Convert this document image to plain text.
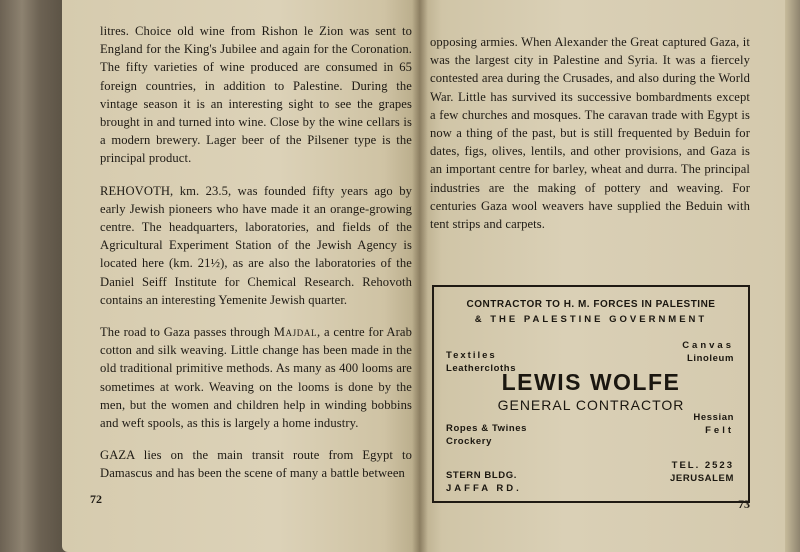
litres. Choice old wine from Rishon le Zion was sent to England for the King's Jubilee and again for the Coronation. The fifty varieties of wine produced are consumed in 65 foreign countries, in addition to Palestine. During the vintage season it is an interesting sight to see the grapes brought in and turned into wine. Close by the wine cellars is a modern brewery. Lager beer of the Pilsener type is the principal product.

REHOVOTH, km. 23.5, was founded fifty years ago by early Jewish pioneers who have made it an orange-growing centre. The headquarters, laboratories, and fields of the Agricultural Experiment Station of the Jewish Agency is located here (km. 21½), as are also the laboratories of the Daniel Seiff Institute for Chemical Research. Rehovoth contains an interesting Yemenite Jewish quarter.

The road to Gaza passes through Majdal, a centre for Arab cotton and silk weaving. Little change has been made in the old traditional primitive methods. As many as 400 looms are sometimes at work. Weaving on the looms is done by the men, but the women and children help in winding bobbins and weft spools, as this is largely a home industry.

GAZA lies on the main transit route from Egypt to Damascus and has been the scene of many a battle between

72

opposing armies. When Alexander the Great captured Gaza, it was the largest city in Palestine and Syria. It was a fiercely contested area during the Crusades, and also during the World War. Little has survived its successive bombardments except a few churches and mosques. The caravan trade with Egypt is now a thing of the past, but is still frequented by Beduin for dates, figs, olives, lentils, and other provisions, and Gaza is an important centre for barley, wheat and durra. The principal industries are the making of pottery and weaving. For centuries Gaza wool weavers have supplied the Beduin with tent strips and carpets.

CONTRACTOR TO H. M. FORCES IN PALESTINE
& THE PALESTINE GOVERNMENT
Textiles
Leathercloths
Canvas
Linoleum
LEWIS WOLFE
GENERAL CONTRACTOR
Ropes & Twines
Crockery
Hessian
Felt
STERN BLDG.
JAFFA RD.
TEL. 2523
JERUSALEM
73
